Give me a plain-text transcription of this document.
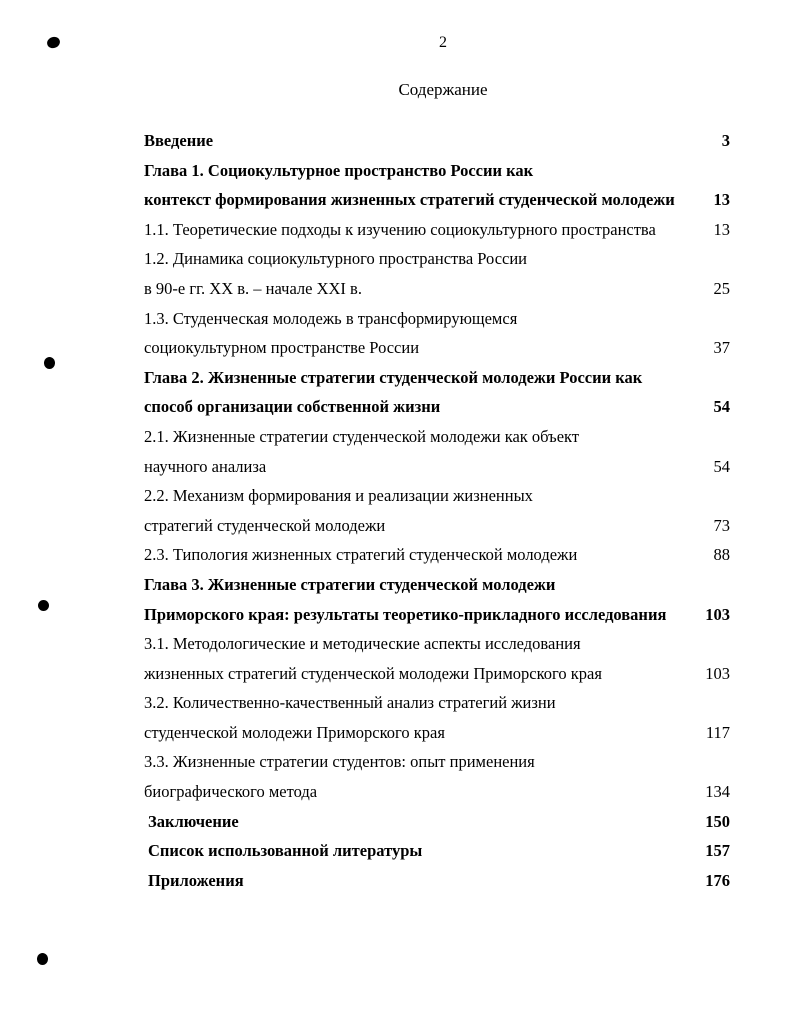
2
Содержание
Введение	3
Глава 1. Социокультурное пространство России как
контекст формирования жизненных стратегий студенческой молодежи 13
1.1. Теоретические подходы к изучению социокультурного пространства	13
1.2. Динамика социокультурного пространства России
в 90-е гг. XX в. – начале XXI в.	25
1.3. Студенческая молодежь в трансформирующемся
социокультурном пространстве России	37
Глава 2. Жизненные стратегии студенческой молодежи России как
способ организации собственной жизни	54
2.1. Жизненные стратегии студенческой молодежи как объект
научного анализа	54
2.2. Механизм формирования и реализации жизненных
стратегий студенческой молодежи	73
2.3. Типология жизненных стратегий студенческой молодежи	88
Глава 3. Жизненные стратегии студенческой молодежи
Приморского края: результаты теоретико-прикладного исследования 103
3.1. Методологические и методические аспекты исследования
жизненных стратегий студенческой молодежи Приморского края	103
3.2. Количественно-качественный анализ стратегий жизни
студенческой молодежи Приморского края	117
3.3. Жизненные стратегии студентов: опыт применения
биографического метода	134
Заключение	150
Список использованной литературы	157
Приложения	176
